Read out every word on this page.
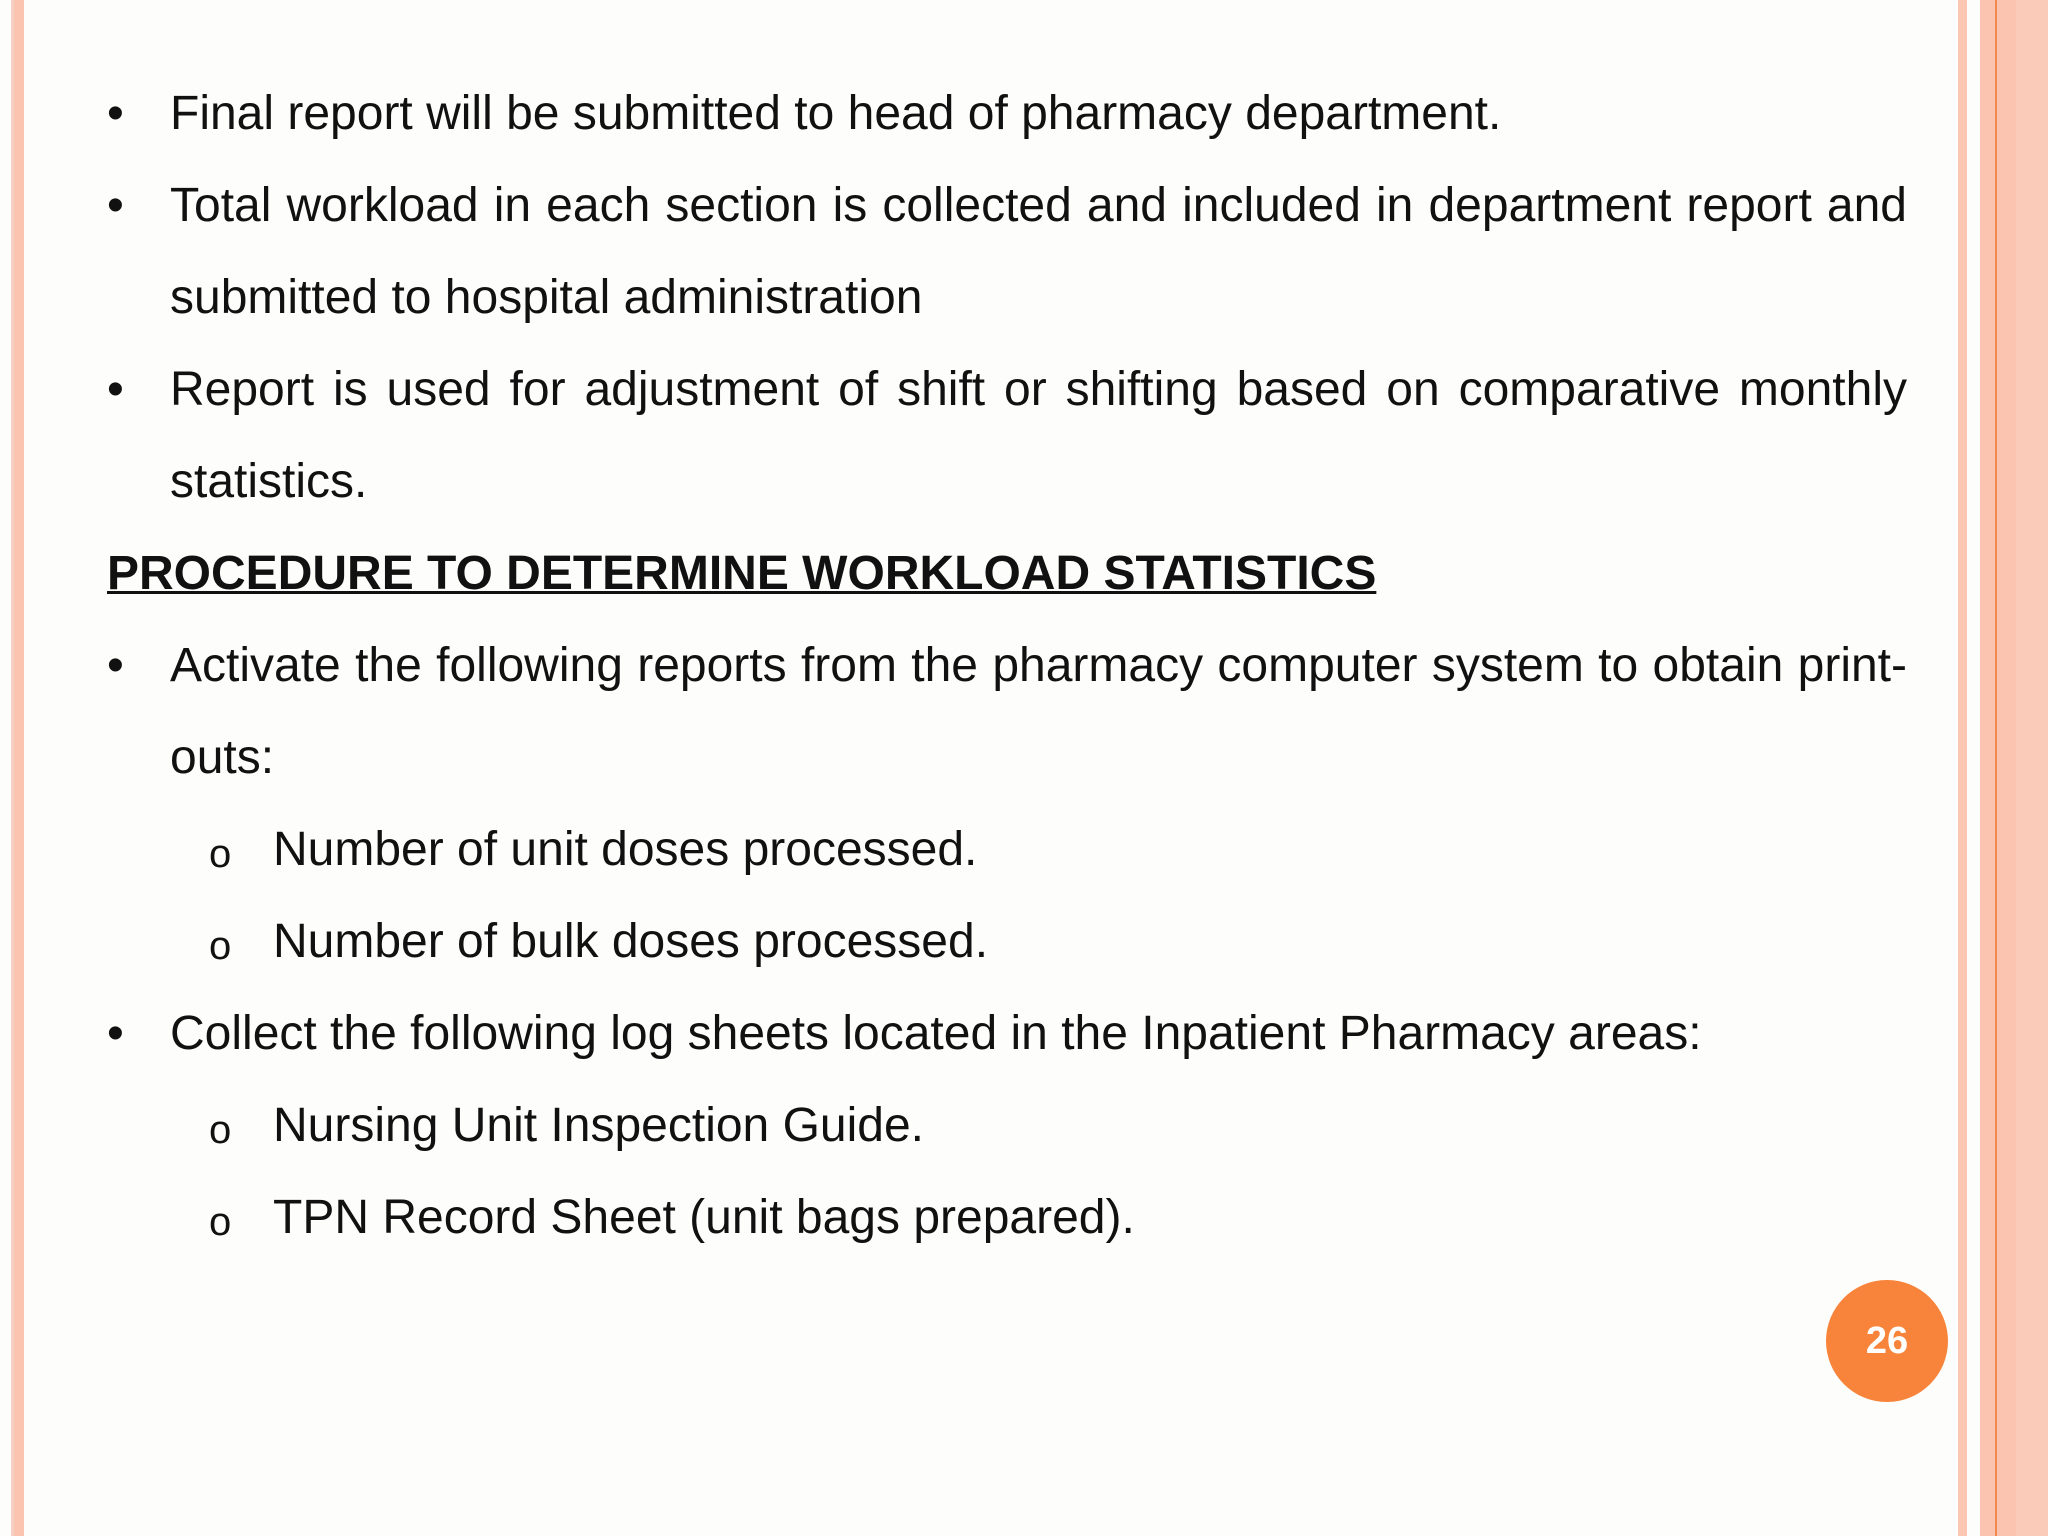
• Final report will be submitted to head of pharmacy department.
• Total workload in each section is collected and included in department report and submitted to hospital administration
• Report is used for adjustment of shift or shifting based on comparative monthly statistics.
PROCEDURE TO DETERMINE WORKLOAD STATISTICS
• Activate the following reports from the pharmacy computer system to obtain print-outs:
o Number of unit doses processed.
o Number of bulk doses processed.
• Collect the following log sheets located in the Inpatient Pharmacy areas:
o Nursing Unit Inspection Guide.
o TPN Record Sheet (unit bags prepared).
26
